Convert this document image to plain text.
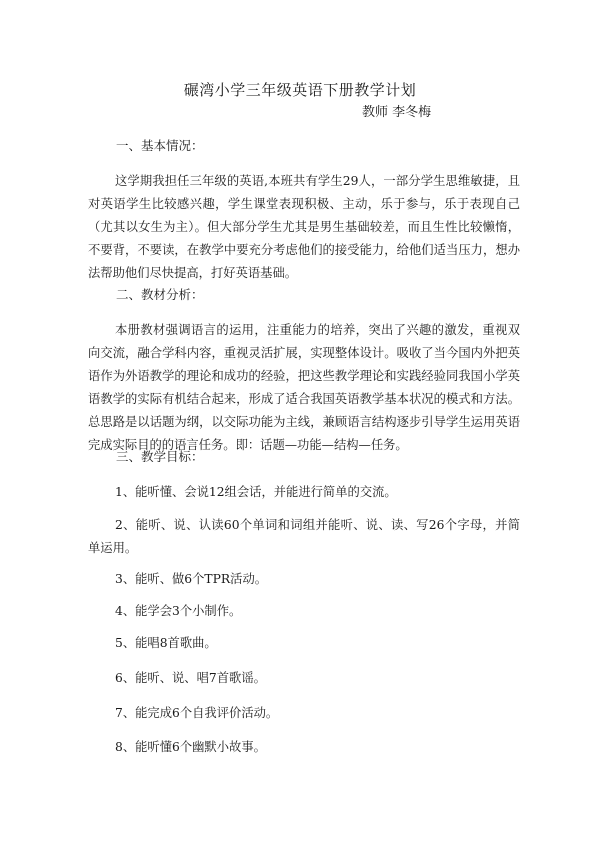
碾湾小学三年级英语下册教学计划
教师 李冬梅
一、基本情况：
这学期我担任三年级的英语,本班共有学生29人，一部分学生思维敏捷，且对英语学生比较感兴趣，学生课堂表现积极、主动，乐于参与，乐于表现自己（尤其以女生为主）。但大部分学生尤其是男生基础较差，而且生性比较懒惰，不要背，不要读，在教学中要充分考虑他们的接受能力，给他们适当压力，想办法帮助他们尽快提高，打好英语基础。
二、教材分析：
本册教材强调语言的运用，注重能力的培养，突出了兴趣的激发，重视双向交流，融合学科内容，重视灵活扩展，实现整体设计。吸收了当今国内外把英语作为外语教学的理论和成功的经验，把这些教学理论和实践经验同我国小学英语教学的实际有机结合起来，形成了适合我国英语教学基本状况的模式和方法。总思路是以话题为纲，以交际功能为主线，兼顾语言结构逐步引导学生运用英语完成实际目的的语言任务。即：话题—功能—结构—任务。
三、教学目标：
1、能听懂、会说12组会话，并能进行简单的交流。
2、能听、说、认读60个单词和词组并能听、说、读、写26个字母，并简单运用。
3、能听、做6个TPR活动。
4、能学会3个小制作。
5、能唱8首歌曲。
6、能听、说、唱7首歌谣。
7、能完成6个自我评价活动。
8、能听懂6个幽默小故事。
